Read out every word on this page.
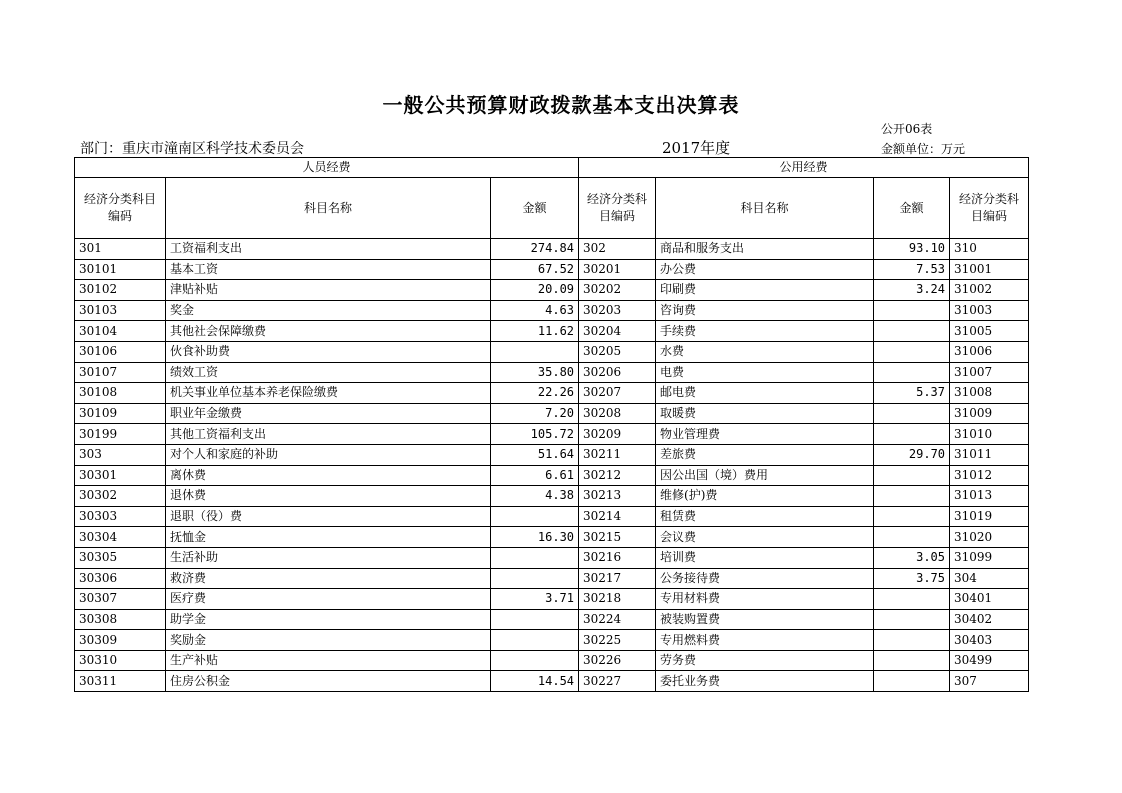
一般公共预算财政拨款基本支出决算表
公开06表
部门：重庆市潼南区科学技术委员会	2017年度	金额单位：万元
人员经费			公用经费			
经济分类科目编码	科目名称	金额	经济分类科目编码	科目名称	金额	经济分类科目编码
301	工资福利支出	274.84	302	商品和服务支出	93.10	310
30101	基本工资	67.52	30201	办公费	7.53	31001
30102	津贴补贴	20.09	30202	印刷费	3.24	31002
30103	奖金	4.63	30203	咨询费		31003
30104	其他社会保障缴费	11.62	30204	手续费		31005
30106	伙食补助费		30205	水费		31006
30107	绩效工资	35.80	30206	电费		31007
30108	机关事业单位基本养老保险缴费	22.26	30207	邮电费	5.37	31008
30109	职业年金缴费	7.20	30208	取暖费		31009
30199	其他工资福利支出	105.72	30209	物业管理费		31010
303	对个人和家庭的补助	51.64	30211	差旅费	29.70	31011
30301	离休费	6.61	30212	因公出国（境）费用		31012
30302	退休费	4.38	30213	维修(护)费		31013
30303	退职（役）费		30214	租赁费		31019
30304	抚恤金	16.30	30215	会议费		31020
30305	生活补助		30216	培训费	3.05	31099
30306	救济费		30217	公务接待费	3.75	304
30307	医疗费	3.71	30218	专用材料费		30401
30308	助学金		30224	被装购置费		30402
30309	奖励金		30225	专用燃料费		30403
30310	生产补贴		30226	劳务费		30499
30311	住房公积金	14.54	30227	委托业务费		307
